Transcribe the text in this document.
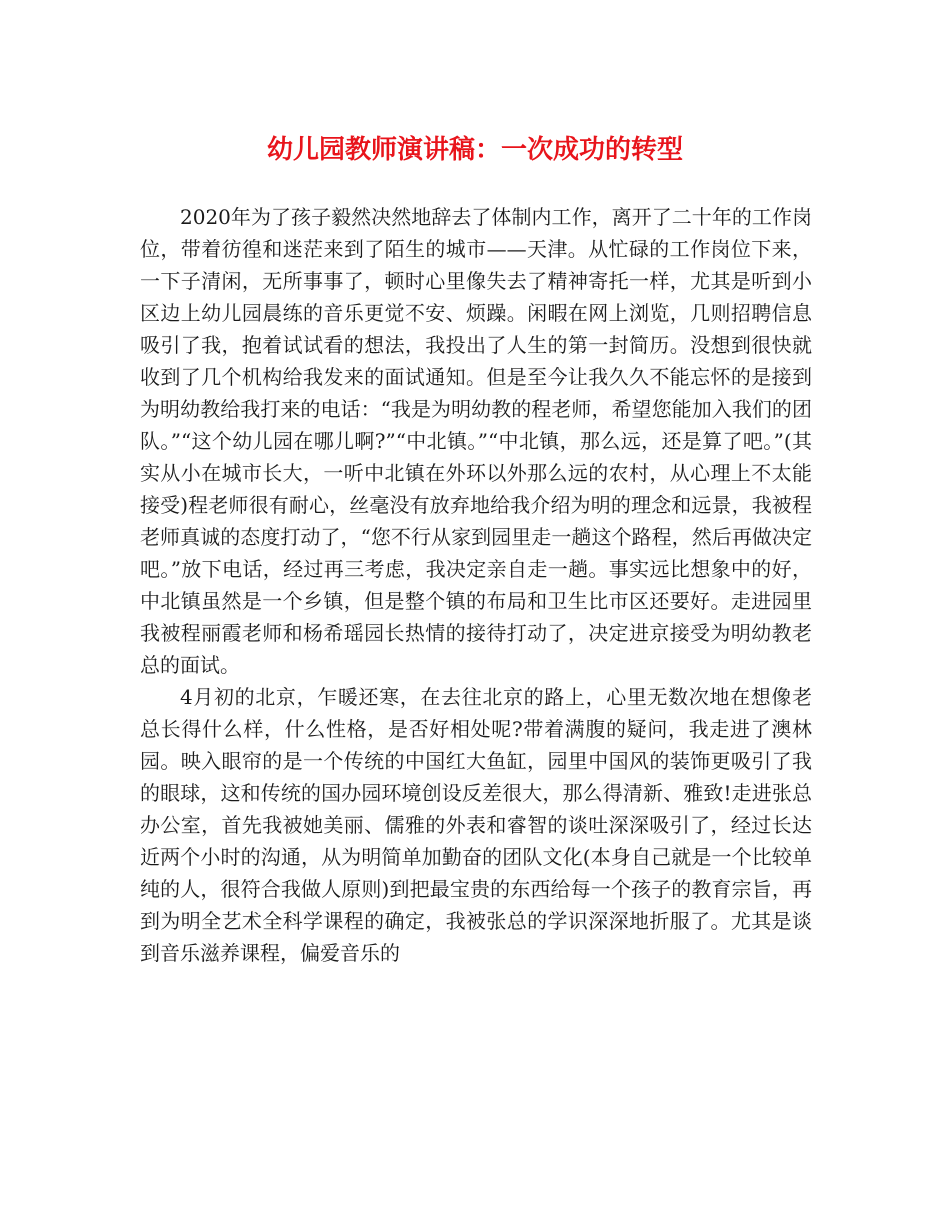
幼儿园教师演讲稿：一次成功的转型

2020年为了孩子毅然决然地辞去了体制内工作，离开了二十年的工作岗位，带着彷徨和迷茫来到了陌生的城市——天津。从忙碌的工作岗位下来，一下子清闲，无所事事了，顿时心里像失去了精神寄托一样，尤其是听到小区边上幼儿园晨练的音乐更觉不安、烦躁。闲暇在网上浏览，几则招聘信息吸引了我，抱着试试看的想法，我投出了人生的第一封简历。没想到很快就收到了几个机构给我发来的面试通知。但是至今让我久久不能忘怀的是接到为明幼教给我打来的电话：“我是为明幼教的程老师，希望您能加入我们的团队。”“这个幼儿园在哪儿啊?”“中北镇。”“中北镇，那么远，还是算了吧。”(其实从小在城市长大，一听中北镇在外环以外那么远的农村，从心理上不太能接受)程老师很有耐心，丝毫没有放弃地给我介绍为明的理念和远景，我被程老师真诚的态度打动了，“您不行从家到园里走一趟这个路程，然后再做决定吧。”放下电话，经过再三考虑，我决定亲自走一趟。事实远比想象中的好，中北镇虽然是一个乡镇，但是整个镇的布局和卫生比市区还要好。走进园里我被程丽霞老师和杨希瑶园长热情的接待打动了，决定进京接受为明幼教老总的面试。

4月初的北京，乍暖还寒，在去往北京的路上，心里无数次地在想像老总长得什么样，什么性格，是否好相处呢?带着满腹的疑问，我走进了澳林园。映入眼帘的是一个传统的中国红大鱼缸，园里中国风的装饰更吸引了我的眼球，这和传统的国办园环境创设反差很大，那么得清新、雅致!走进张总办公室，首先我被她美丽、儒雅的外表和睿智的谈吐深深吸引了，经过长达近两个小时的沟通，从为明简单加勤奋的团队文化(本身自己就是一个比较单纯的人，很符合我做人原则)到把最宝贵的东西给每一个孩子的教育宗旨，再到为明全艺术全科学课程的确定，我被张总的学识深深地折服了。尤其是谈到音乐滋养课程，偏爱音乐的
